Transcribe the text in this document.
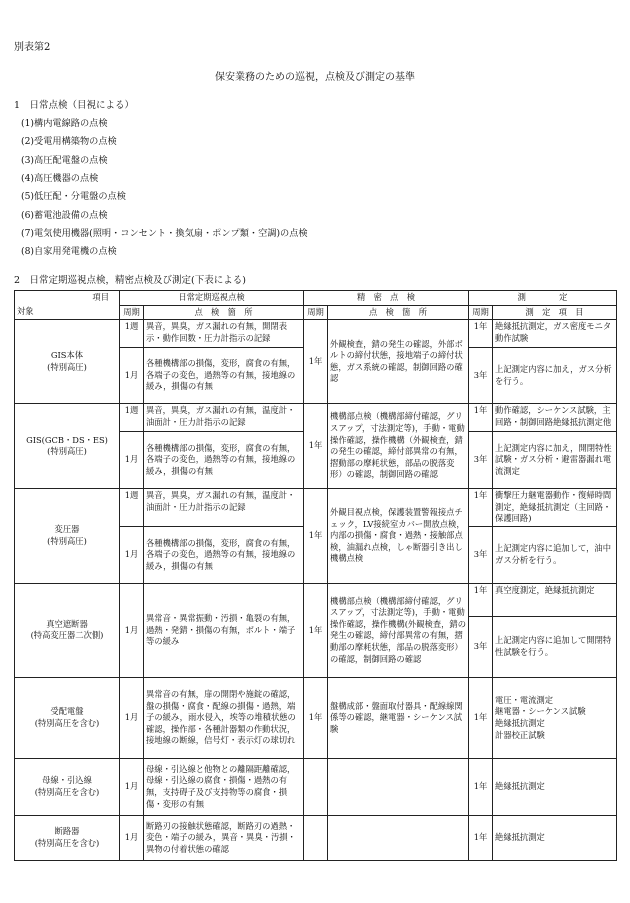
別表第2
保安業務のための巡視，点検及び測定の基準
1　日常点検（目視による）
(1)構内電線路の点検
(2)受電用構築物の点検
(3)高圧配電盤の点検
(4)高圧機器の点検
(5)低圧配・分電盤の点検
(6)蓄電池設備の点検
(7)電気使用機器(照明・コンセント・換気扇・ポンプ類・空調)の点検
(8)自家用発電機の点検
2　日常定期巡視点検，精密点検及び測定(下表による)
項目	日常定期巡視点検		精　密　点　検		測　　　　定	
対象	周期	点　検　箇　所	周期	点　検　箇　所	周期	測　定　項　目
GIS本体
(特別高圧)	1週	異音，異臭，ガス漏れの有無，開閉表示・動作回数・圧力計指示の記録	1年	外観検査，錆の発生の確認，外部ボルトの締付状態，接地端子の締付状態，ガス系統の確認，制御回路の確認	1年	絶縁抵抗測定，ガス密度モニタ動作試験
	1月	各種機構部の損傷，変形，腐食の有無，各端子の変色，過熱等の有無，接地線の緩み，損傷の有無			3年	上記測定内容に加え，ガス分析を行う。
GIS(GCB・DS・ES)
(特別高圧)	1週	異音，異臭，ガス漏れの有無，温度計・油面計・圧力計指示の記録	1年	機構部点検（機構部締付確認，グリスアップ，寸法測定等)，手動・電動操作確認，操作機構（外観検査，錆の発生の確認，締付部異常の有無，摺動部の摩耗状態，部品の脱落変形）の確認，制御回路の確認	1年	動作確認，シーケンス試験，主回路・制御回路絶縁抵抗測定他
	1月	各種機構部の損傷，変形，腐食の有無，各端子の変色，過熱等の有無，接地線の緩み，損傷の有無			3年	上記測定内容に加え，開閉特性試験・ガス分析・避雷器漏れ電流測定
変圧器
(特別高圧)	1週	異音，異臭，ガス漏れの有無，温度計・油面計・圧力計指示の記録	1年	外観目視点検，保護装置警報接点チェック，LV接続室カバー開放点検，内部の損傷・腐食・過熱・接触部点検，油漏れ点検，しゃ断器引き出し機構点検	1年	衝撃圧力継電器動作・復帰時間測定，絶縁抵抗測定（主回路・保護回路)
	1月	各種機構部の損傷，変形，腐食の有無，各端子の変色，過熱等の有無，接地線の緩み，損傷の有無			3年	上記測定内容に追加して，油中ガス分析を行う。
真空遮断器
(特高変圧器二次側)	1月	異常音・異常振動・汚損・亀裂の有無，過熱・発錆・損傷の有無，ボルト・端子等の緩み	1年	機構部点検（機構部締付確認，グリスアップ，寸法測定等)，手動・電動操作確認，操作機構(外観検査，錆の発生の確認，締付部異常の有無，摺動部の摩耗状態，部品の脱落変形）の確認，制御回路の確認	1年	真空度測定，絶縁抵抗測定
					3年	上記測定内容に追加して開閉特性試験を行う。
受配電盤
(特別高圧を含む)	1月	異常音の有無，扉の開閉や施錠の確認，盤の損傷・腐食・配線の損傷・過熱，端子の緩み，雨水侵入，埃等の堆積状態の確認，操作部・各種計器類の作動状況，接地線の断線，信号灯・表示灯の球切れ	1年	盤構成部・盤面取付器具・配線線関係等の確認，継電器・シーケンス試験	1年	電圧・電流測定
継電器・シーケンス試験
絶縁抵抗測定
計器校正試験
母線・引込線
(特別高圧を含む)	1月	母線・引込線と他物との離隔距離確認，母線・引込線の腐食・損傷・過熱の有無，支持碍子及び支持物等の腐食・損傷・変形の有無			1年	絶縁抵抗測定
断路器
(特別高圧を含む)	1月	断路刃の接触状態確認，断路刃の過熱・変色・端子の緩み，異音・異臭・汚損・異物の付着状態の確認			1年	絶縁抵抗測定
